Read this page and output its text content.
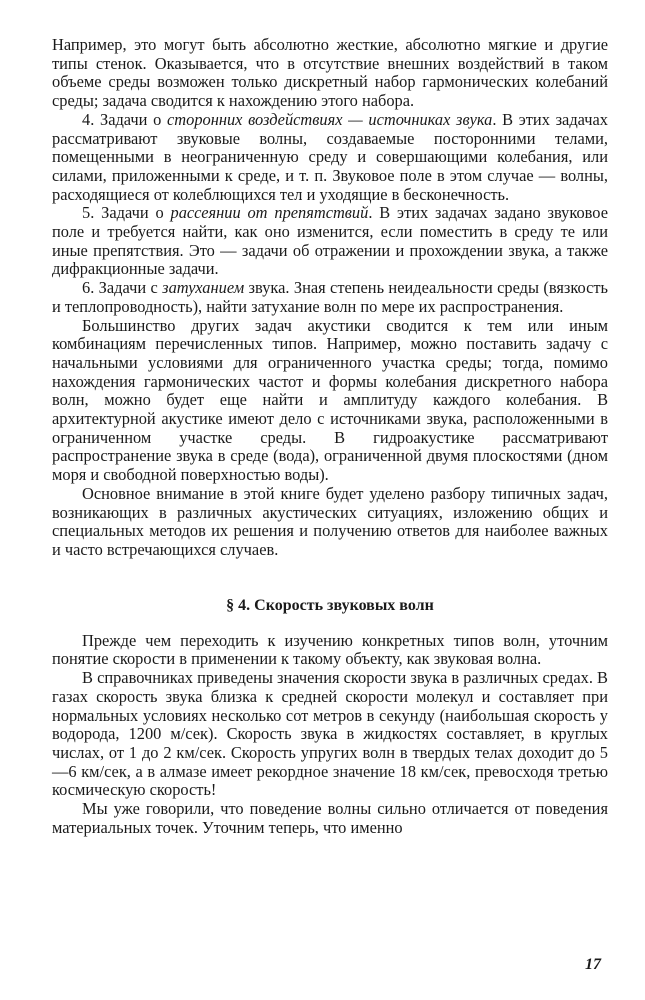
Например, это могут быть абсолютно жесткие, абсолютно мягкие и другие типы стенок. Оказывается, что в отсутствие внешних воздействий в таком объеме среды возможен только дискретный набор гармонических колебаний среды; задача сводится к нахождению этого набора.

4. Задачи о сторонних воздействиях — источниках звука. В этих задачах рассматривают звуковые волны, создаваемые посторонними телами, помещенными в неограниченную среду и совершающими колебания, или силами, приложенными к среде, и т. п. Звуковое поле в этом случае — волны, расходящиеся от колеблющихся тел и уходящие в бесконечность.

5. Задачи о рассеянии от препятствий. В этих задачах задано звуковое поле и требуется найти, как оно изменится, если поместить в среду те или иные препятствия. Это — задачи об отражении и прохождении звука, а также дифракционные задачи.

6. Задачи с затуханием звука. Зная степень неидеальности среды (вязкость и теплопроводность), найти затухание волн по мере их распространения.

Большинство других задач акустики сводится к тем или иным комбинациям перечисленных типов. Например, можно поставить задачу с начальными условиями для ограниченного участка среды; тогда, помимо нахождения гармонических частот и формы колебания дискретного набора волн, можно будет еще найти и амплитуду каждого колебания. В архитектурной акустике имеют дело с источниками звука, расположенными в ограниченном участке среды. В гидроакустике рассматривают распространение звука в среде (вода), ограниченной двумя плоскостями (дном моря и свободной поверхностью воды).

Основное внимание в этой книге будет уделено разбору типичных задач, возникающих в различных акустических ситуациях, изложению общих и специальных методов их решения и получению ответов для наиболее важных и часто встречающихся случаев.

§ 4. Скорость звуковых волн

Прежде чем переходить к изучению конкретных типов волн, уточним понятие скорости в применении к такому объекту, как звуковая волна.

В справочниках приведены значения скорости звука в различных средах. В газах скорость звука близка к средней скорости молекул и составляет при нормальных условиях несколько сот метров в секунду (наибольшая скорость у водорода, 1200 м/сек). Скорость звука в жидкостях составляет, в круглых числах, от 1 до 2 км/сек. Скорость упругих волн в твердых телах доходит до 5—6 км/сек, а в алмазе имеет рекордное значение 18 км/сек, превосходя третью космическую скорость!

Мы уже говорили, что поведение волны сильно отличается от поведения материальных точек. Уточним теперь, что именно

17
